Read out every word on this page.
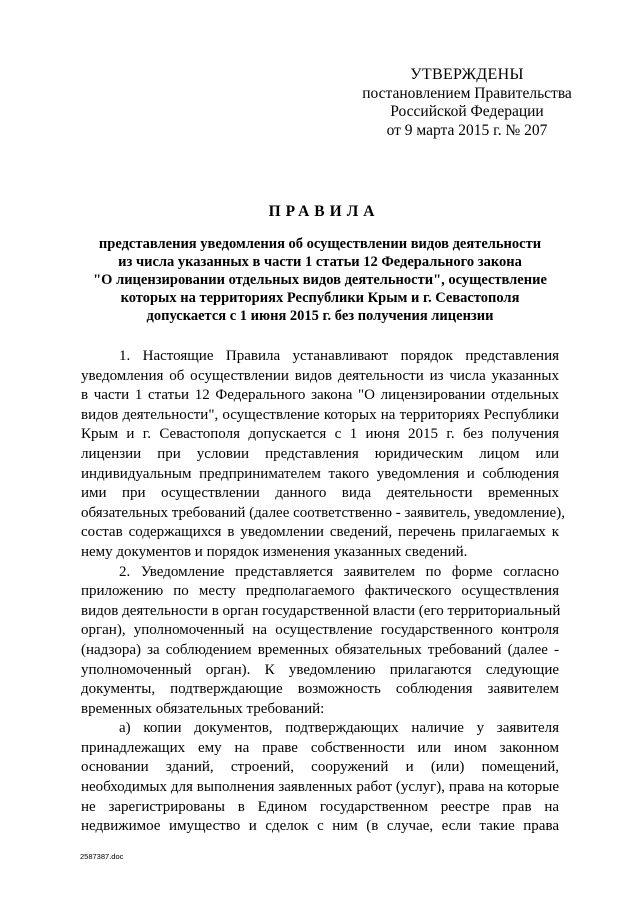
УТВЕРЖДЕНЫ
постановлением Правительства
Российской Федерации
от 9 марта 2015 г. № 207
ПРАВИЛА
представления уведомления об осуществлении видов деятельности
из числа указанных в части 1 статьи 12 Федерального закона
"О лицензировании отдельных видов деятельности", осуществление
которых на территориях Республики Крым и г. Севастополя
допускается с 1 июня 2015 г. без получения лицензии
1. Настоящие Правила устанавливают порядок представления
уведомления об осуществлении видов деятельности из числа указанных
в части 1 статьи 12 Федерального закона "О лицензировании отдельных
видов деятельности", осуществление которых на территориях Республики
Крым и г. Севастополя допускается с 1 июня 2015 г. без получения
лицензии при условии представления юридическим лицом или
индивидуальным предпринимателем такого уведомления и соблюдения
ими при осуществлении данного вида деятельности временных
обязательных требований (далее соответственно - заявитель, уведомление),
состав содержащихся в уведомлении сведений, перечень прилагаемых к
нему документов и порядок изменения указанных сведений.
2. Уведомление представляется заявителем по форме согласно
приложению по месту предполагаемого фактического осуществления
видов деятельности в орган государственной власти (его территориальный
орган), уполномоченный на осуществление государственного контроля
(надзора) за соблюдением временных обязательных требований (далее -
уполномоченный орган). К уведомлению прилагаются следующие
документы, подтверждающие возможность соблюдения заявителем
временных обязательных требований:
а) копии документов, подтверждающих наличие у заявителя
принадлежащих ему на праве собственности или ином законном
основании зданий, строений, сооружений и (или) помещений,
необходимых для выполнения заявленных работ (услуг), права на которые
не зарегистрированы в Едином государственном реестре прав на
недвижимое имущество и сделок с ним (в случае, если такие права
2587387.doc
